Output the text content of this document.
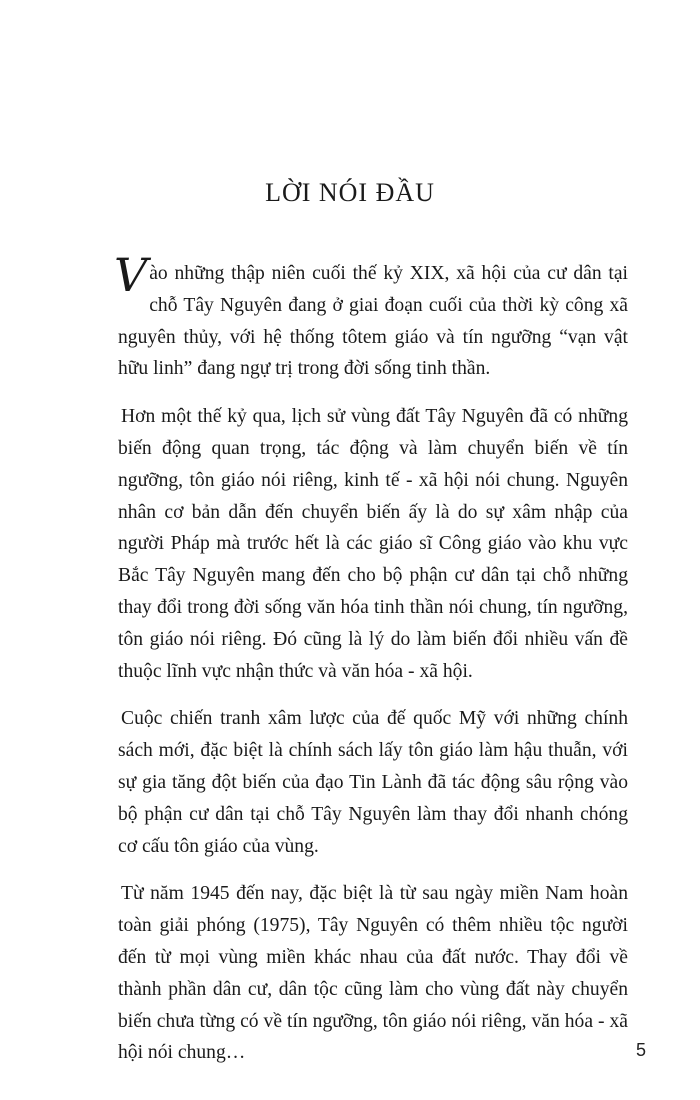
LỜI NÓI ĐẦU

Vào những thập niên cuối thế kỷ XIX, xã hội của cư dân tại chỗ Tây Nguyên đang ở giai đoạn cuối của thời kỳ công xã nguyên thủy, với hệ thống tôtem giáo và tín ngưỡng “vạn vật hữu linh” đang ngự trị trong đời sống tinh thần.

Hơn một thế kỷ qua, lịch sử vùng đất Tây Nguyên đã có những biến động quan trọng, tác động và làm chuyển biến về tín ngưỡng, tôn giáo nói riêng, kinh tế - xã hội nói chung. Nguyên nhân cơ bản dẫn đến chuyển biến ấy là do sự xâm nhập của người Pháp mà trước hết là các giáo sĩ Công giáo vào khu vực Bắc Tây Nguyên mang đến cho bộ phận cư dân tại chỗ những thay đổi trong đời sống văn hóa tinh thần nói chung, tín ngưỡng, tôn giáo nói riêng. Đó cũng là lý do làm biến đổi nhiều vấn đề thuộc lĩnh vực nhận thức và văn hóa - xã hội.

Cuộc chiến tranh xâm lược của đế quốc Mỹ với những chính sách mới, đặc biệt là chính sách lấy tôn giáo làm hậu thuẫn, với sự gia tăng đột biến của đạo Tin Lành đã tác động sâu rộng vào bộ phận cư dân tại chỗ Tây Nguyên làm thay đổi nhanh chóng cơ cấu tôn giáo của vùng.

Từ năm 1945 đến nay, đặc biệt là từ sau ngày miền Nam hoàn toàn giải phóng (1975), Tây Nguyên có thêm nhiều tộc người đến từ mọi vùng miền khác nhau của đất nước. Thay đổi về thành phần dân cư, dân tộc cũng làm cho vùng đất này chuyển biến chưa từng có về tín ngưỡng, tôn giáo nói riêng, văn hóa - xã hội nói chung…	5
